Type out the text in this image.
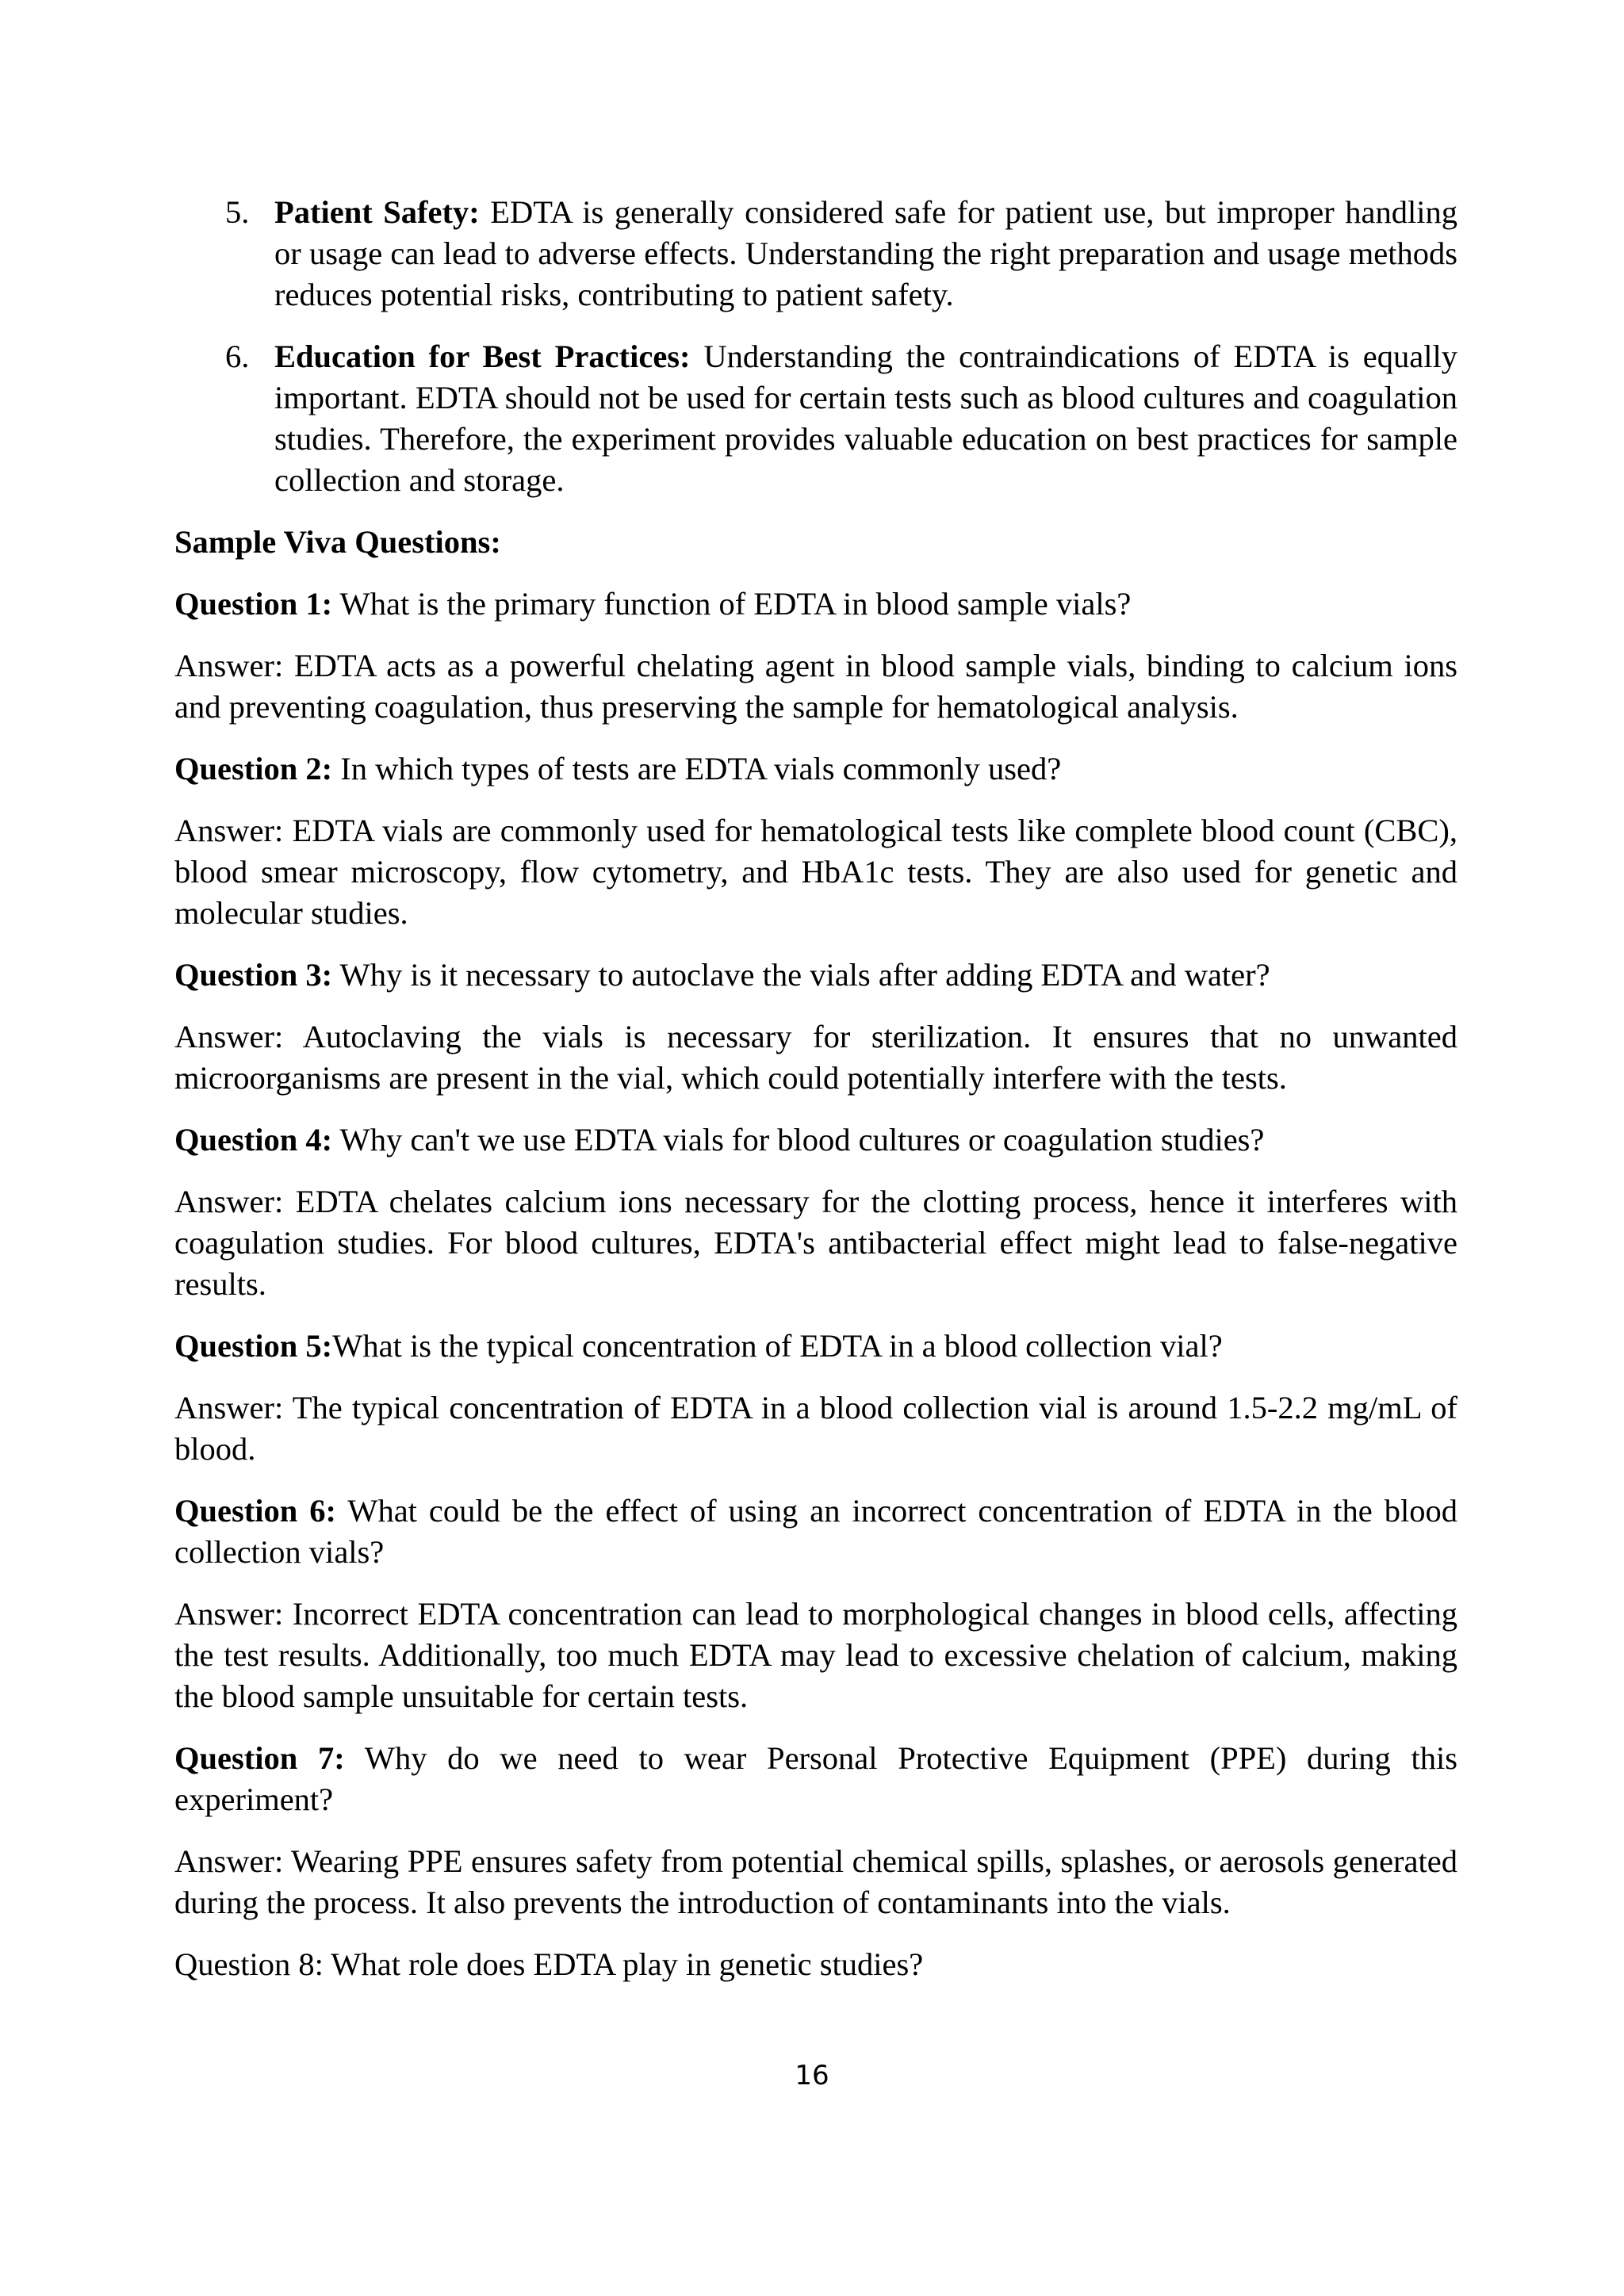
5. Patient Safety: EDTA is generally considered safe for patient use, but improper handling or usage can lead to adverse effects. Understanding the right preparation and usage methods reduces potential risks, contributing to patient safety.
6. Education for Best Practices: Understanding the contraindications of EDTA is equally important. EDTA should not be used for certain tests such as blood cultures and coagulation studies. Therefore, the experiment provides valuable education on best practices for sample collection and storage.
Sample Viva Questions:
Question 1: What is the primary function of EDTA in blood sample vials?
Answer: EDTA acts as a powerful chelating agent in blood sample vials, binding to calcium ions and preventing coagulation, thus preserving the sample for hematological analysis.
Question 2: In which types of tests are EDTA vials commonly used?
Answer: EDTA vials are commonly used for hematological tests like complete blood count (CBC), blood smear microscopy, flow cytometry, and HbA1c tests. They are also used for genetic and molecular studies.
Question 3: Why is it necessary to autoclave the vials after adding EDTA and water?
Answer: Autoclaving the vials is necessary for sterilization. It ensures that no unwanted microorganisms are present in the vial, which could potentially interfere with the tests.
Question 4: Why can't we use EDTA vials for blood cultures or coagulation studies?
Answer: EDTA chelates calcium ions necessary for the clotting process, hence it interferes with coagulation studies. For blood cultures, EDTA's antibacterial effect might lead to false-negative results.
Question 5:What is the typical concentration of EDTA in a blood collection vial?
Answer: The typical concentration of EDTA in a blood collection vial is around 1.5-2.2 mg/mL of blood.
Question 6: What could be the effect of using an incorrect concentration of EDTA in the blood collection vials?
Answer: Incorrect EDTA concentration can lead to morphological changes in blood cells, affecting the test results. Additionally, too much EDTA may lead to excessive chelation of calcium, making the blood sample unsuitable for certain tests.
Question 7: Why do we need to wear Personal Protective Equipment (PPE) during this experiment?
Answer: Wearing PPE ensures safety from potential chemical spills, splashes, or aerosols generated during the process. It also prevents the introduction of contaminants into the vials.
Question 8: What role does EDTA play in genetic studies?
16
